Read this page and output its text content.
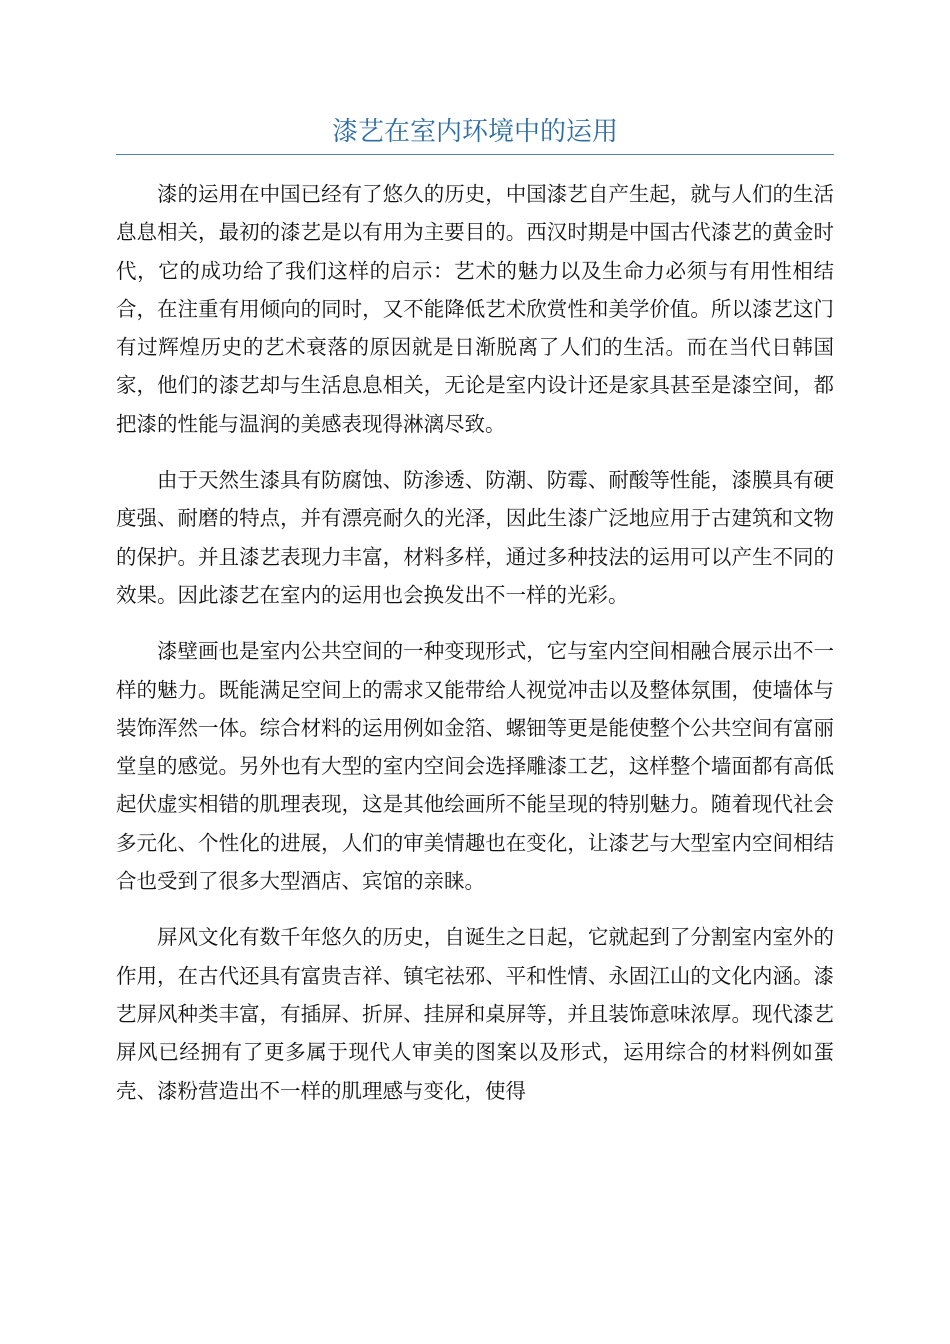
漆艺在室内环境中的运用

漆的运用在中国已经有了悠久的历史，中国漆艺自产生起，就与人们的生活息息相关，最初的漆艺是以有用为主要目的。西汉时期是中国古代漆艺的黄金时代，它的成功给了我们这样的启示：艺术的魅力以及生命力必须与有用性相结合，在注重有用倾向的同时，又不能降低艺术欣赏性和美学价值。所以漆艺这门有过辉煌历史的艺术衰落的原因就是日渐脱离了人们的生活。而在当代日韩国家，他们的漆艺却与生活息息相关，无论是室内设计还是家具甚至是漆空间，都把漆的性能与温润的美感表现得淋漓尽致。

由于天然生漆具有防腐蚀、防渗透、防潮、防霉、耐酸等性能，漆膜具有硬度强、耐磨的特点，并有漂亮耐久的光泽，因此生漆广泛地应用于古建筑和文物的保护。并且漆艺表现力丰富，材料多样，通过多种技法的运用可以产生不同的效果。因此漆艺在室内的运用也会换发出不一样的光彩。

漆壁画也是室内公共空间的一种变现形式，它与室内空间相融合展示出不一样的魅力。既能满足空间上的需求又能带给人视觉冲击以及整体氛围，使墙体与装饰浑然一体。综合材料的运用例如金箔、螺钿等更是能使整个公共空间有富丽堂皇的感觉。另外也有大型的室内空间会选择雕漆工艺，这样整个墙面都有高低起伏虚实相错的肌理表现，这是其他绘画所不能呈现的特别魅力。随着现代社会多元化、个性化的进展，人们的审美情趣也在变化，让漆艺与大型室内空间相结合也受到了很多大型酒店、宾馆的亲睐。

屏风文化有数千年悠久的历史，自诞生之日起，它就起到了分割室内室外的作用，在古代还具有富贵吉祥、镇宅祛邪、平和性情、永固江山的文化内涵。漆艺屏风种类丰富，有插屏、折屏、挂屏和桌屏等，并且装饰意味浓厚。现代漆艺屏风已经拥有了更多属于现代人审美的图案以及形式，运用综合的材料例如蛋壳、漆粉营造出不一样的肌理感与变化，使得
